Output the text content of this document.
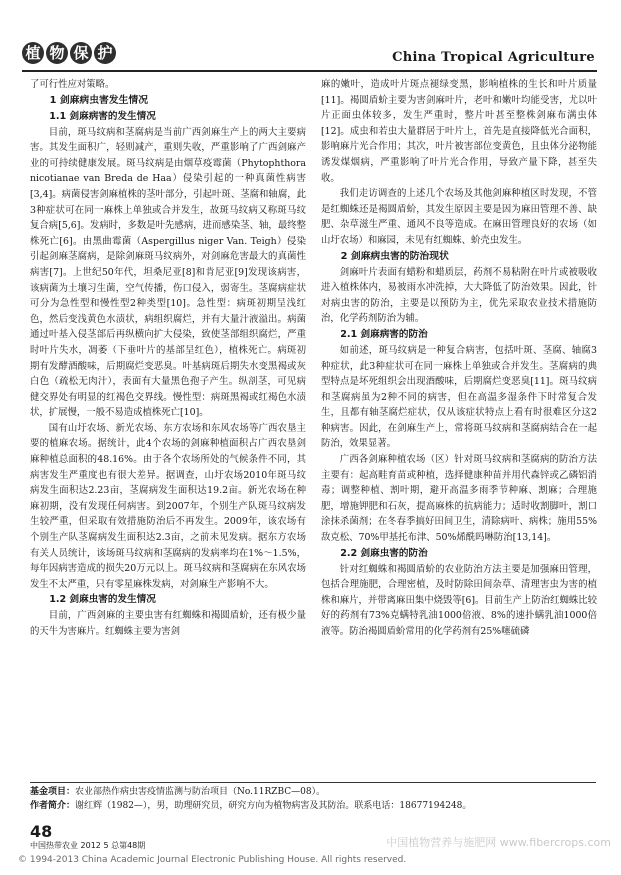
植 物 保 护	China Tropical Agriculture

了可行性应对策略。

1 剑麻病虫害发生情况
1.1 剑麻病害的发生情况

目前，斑马纹病和茎腐病是当前广西剑麻生产上的两大主要病害。其发生面积广，轻则减产，重则失收，严重影响了广西剑麻产业的可持续健康发展。斑马纹病是由烟草疫霉菌（Phytophthora nicotianae van Breda de Haa）侵染引起的一种真菌性病害[3,4]。病菌侵害剑麻植株的茎叶部分，引起叶斑、茎腐和轴腐，此3种症状可在同一麻株上单独或合并发生，故斑马纹病又称斑马纹复合病[5,6]。发病时，多数是叶先感病，进而感染茎、轴，最终整株死亡[6]。由黑曲霉菌（Aspergillus niger Van. Teigh）侵染引起剑麻茎腐病，是除剑麻斑马纹病外，对剑麻危害最大的真菌性病害[7]。上世纪50年代，坦桑尼亚[8]和肯尼亚[9]发现该病害，该病菌为土壤习生菌，空气传播，伤口侵入，弱寄生。茎腐病症状可分为急性型和慢性型2种类型[10]。急性型：病斑初期呈浅红色，然后变浅黄色水渍状，病组织腐烂，并有大量汁液溢出。病菌通过叶基入侵茎部后再纵横向扩大侵染，致使茎部组织腐烂，严重时叶片失水，凋萎（下垂叶片的基部呈红色），植株死亡。病斑初期有发酵酒酸味，后期腐烂变恶臭。叶基病斑后期失水变黑褐或灰白色（疏松无肉汁），表面有大量黑色孢子产生。纵剖茎，可见病健交界处有明显的红褐色交界线。慢性型：病斑黑褐或红褐色水渍状，扩展慢，一般不易造成植株死亡[10]。

国有山圩农场、新光农场、东方农场和东风农场等广西农垦主要的植麻农场。据统计，此4个农场的剑麻种植面积占广西农垦剑麻种植总面积的48.16%。由于各个农场所处的气候条件不同，其病害发生严重度也有很大差异。据调查，山圩农场2010年斑马纹病发生面积达2.23亩，茎腐病发生面积达19.2亩。新光农场在种麻初期，没有发现任何病害。到2007年，个别生产队斑马纹病发生较严重，但采取有效措施防治后不再发生。2009年，该农场有个别生产队茎腐病发生面积达2.3亩，之前未见发病。据东方农场有关人员统计，该场斑马纹病和茎腐病的发病率均在1%～1.5%，每年因病害造成的损失20万元以上。斑马纹病和茎腐病在东风农场发生不太严重，只有零星麻株发病，对剑麻生产影响不大。

1.2 剑麻虫害的发生情况

目前，广西剑麻的主要虫害有红蜘蛛和褐圆盾蚧，还有极少量的天牛为害麻片。红蜘蛛主要为害剑

麻的嫩叶，造成叶片斑点褪绿变黑，影响植株的生长和叶片质量[11]。褐圆盾蚧主要为害剑麻叶片，老叶和嫩叶均能受害，尤以叶片正面虫体较多，发生严重时，整片叶甚至整株剑麻布满虫体[12]。成虫和若虫大量群居于叶片上，首先是直接降低光合面积，影响麻片光合作用；其次，叶片被害部位变黄色，且虫体分泌物能诱发煤烟病，严重影响了叶片光合作用，导致产量下降，甚至失收。

我们走访调查的上述几个农场及其他剑麻种植区时发现，不管是红蜘蛛还是褐圆盾蚧，其发生原因主要是因为麻田管理不善、缺肥、杂草滋生严重、通风不良等造成。在麻田管理良好的农场（如山圩农场）和麻园，未见有红蜘蛛、蚧壳虫发生。

2 剑麻病虫害的防治现状

剑麻叶片表面有蜡粉和蜡质层，药剂不易粘附在叶片或被吸收进入植株体内，易被雨水冲洗掉，大大降低了防治效果。因此，针对病虫害的防治，主要是以预防为主，优先采取农业技术措施防治，化学药剂防治为辅。

2.1 剑麻病害的防治

如前述，斑马纹病是一种复合病害，包括叶斑、茎腐、轴腐3种症状，此3种症状可在同一麻株上单独或合并发生。茎腐病的典型特点是坏死组织会出现酒酸味，后期腐烂变恶臭[11]。斑马纹病和茎腐病虽为2种不同的病害，但在高温多湿条件下时常复合发生，且都有轴茎腐烂症状，仅从该症状特点上看有时很难区分这2种病害。因此，在剑麻生产上，常将斑马纹病和茎腐病结合在一起防治，效果显著。

广西各剑麻种植农场（区）针对斑马纹病和茎腐病的防治方法主要有：起高畦育苗或种植，选择健康种苗并用代森锌或乙磷铝消毒；调整种植、割叶期，避开高温多雨季节种麻、割麻；合理施肥，增施钾肥和石灰，提高麻株的抗病能力；适时收割脚叶，割口涂抹杀菌剂；在冬春季搞好田间卫生，清除病叶、病株；施用55%敌克松、70%甲基托布津、50%烯酰吗啉防治[13,14]。

2.2 剑麻虫害的防治

针对红蜘蛛和褐圆盾蚧的农业防治方法主要是加强麻田管理，包括合理施肥，合理密植，及时防除田间杂草、清理害虫为害的植株和麻片，并带离麻田集中烧毁等[6]。目前生产上防治红蜘蛛比较好的药剂有73%克螨特乳油1000倍液、8%的速扑螨乳油1000倍液等。防治褐圆盾蚧常用的化学药剂有25%噻硫磷

基金项目：农业部热作病虫害疫情监测与防治项目（No.11RZBC—08）。
作者简介：谢红辉（1982—），男，助理研究员，研究方向为植物病害及其防治。联系电话：18677194248。
48
中国热带农业 2012 5 总第48期
© 1994-2013 China Academic Journal Electronic Publishing House. All rights reserved.
中国植物营养与施肥网 www.fibercrops.com
